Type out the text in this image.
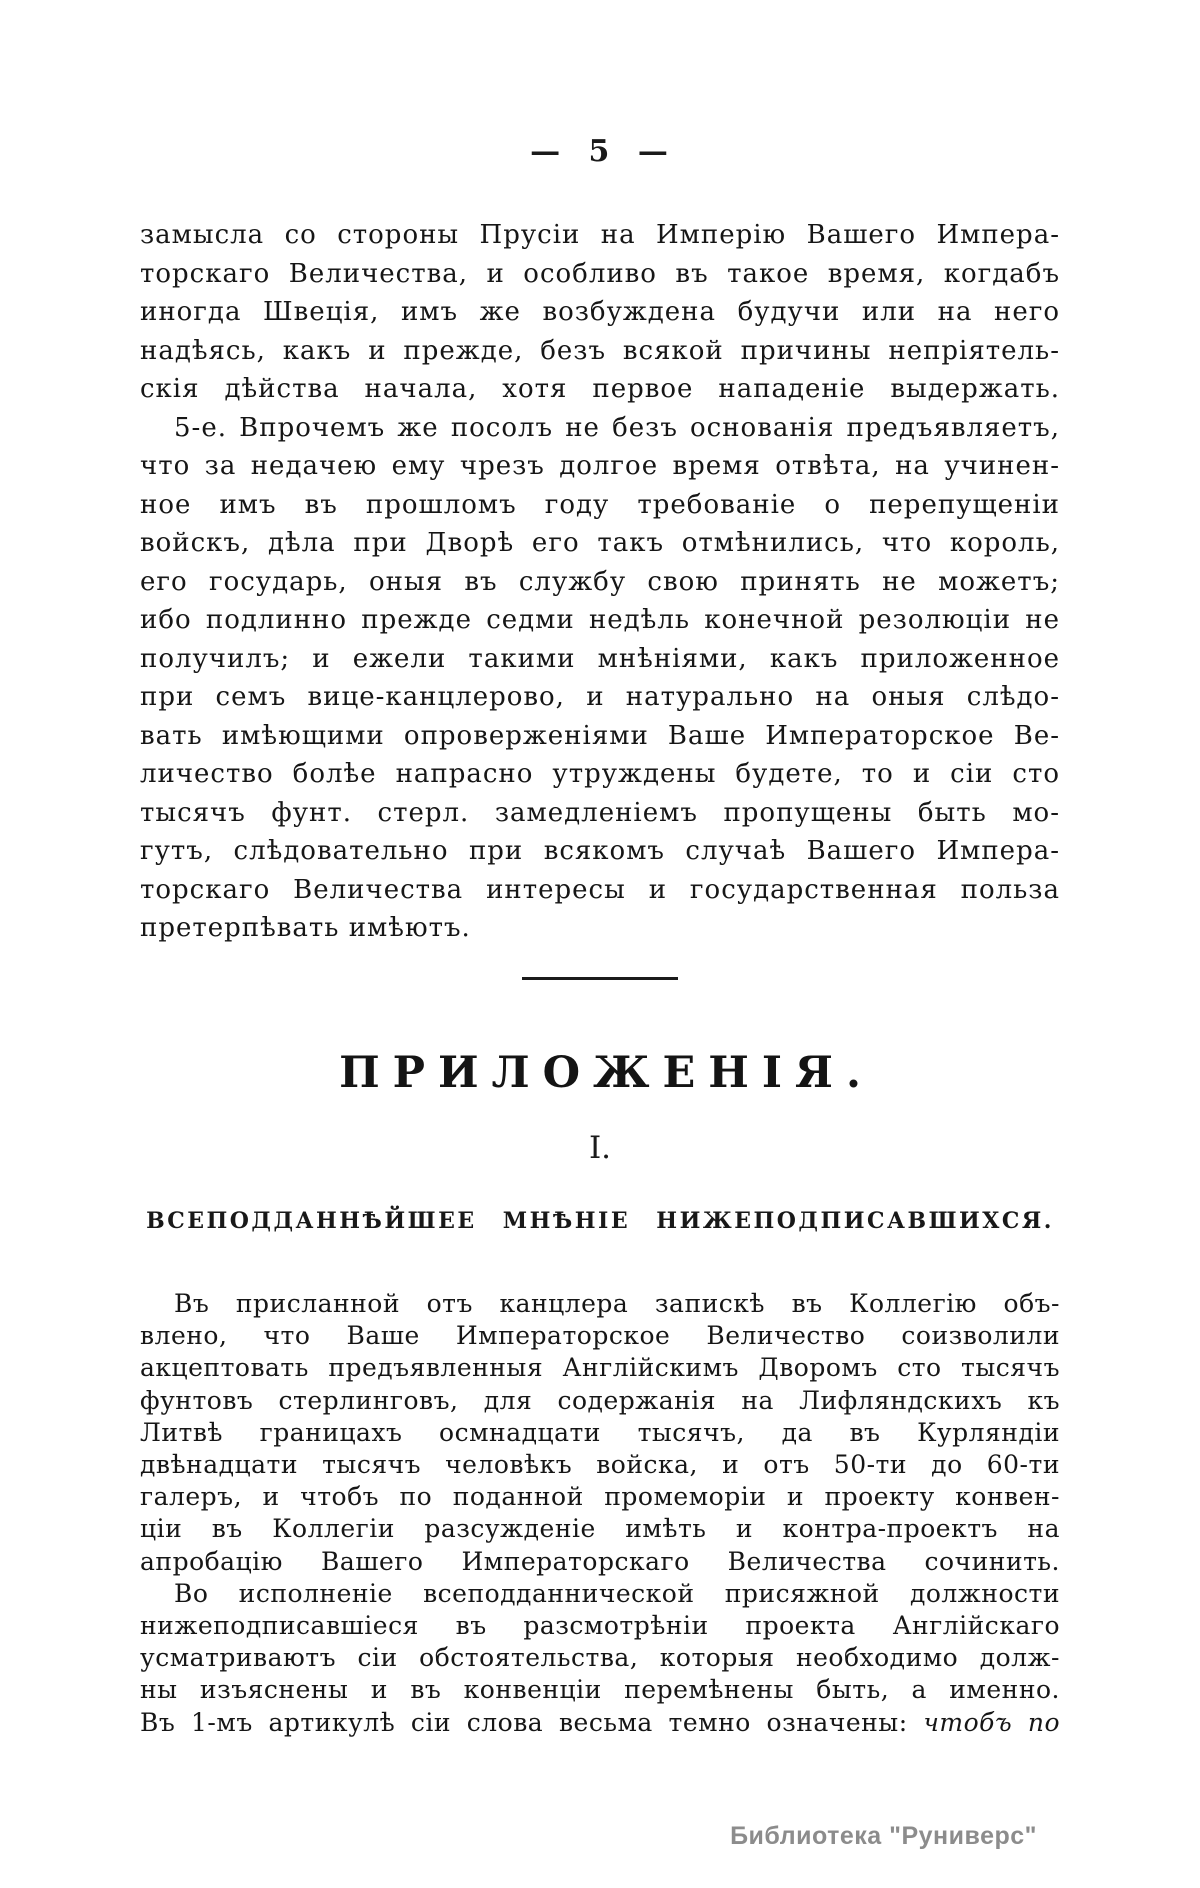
— 5 —
замысла со стороны Прусіи на Имперію Вашего Импера-
торскаго Величества, и особливо въ такое время, когдабъ
иногда Швеція, имъ же возбуждена будучи или на него
надѣясь, какъ и прежде, безъ всякой причины непріятель-
скія дѣйства начала, хотя первое нападеніе выдержать.
5-е. Впрочемъ же посолъ не безъ основанія предъявляетъ,
что за недачею ему чрезъ долгое время отвѣта, на учинен-
ное имъ въ прошломъ году требованіе о перепущеніи
войскъ, дѣла при Дворѣ его такъ отмѣнились, что король,
его государь, оныя въ службу свою принять не можетъ;
ибо подлинно прежде седми недѣль конечной резолюціи не
получилъ; и ежели такими мнѣніями, какъ приложенное
при семъ вице-канцлерово, и натурально на оныя слѣдо-
вать имѣющими опроверженіями Ваше Императорское Ве-
личество болѣе напрасно утруждены будете, то и сіи сто
тысячъ фунт. стерл. замедленіемъ пропущены быть мо-
гутъ, слѣдовательно при всякомъ случаѣ Вашего Импера-
торскаго Величества интересы и государственная польза
претерпѣвать имѣютъ.
ПРИЛОЖЕНІЯ.
I.
ВСЕПОДДАННѢЙШЕЕ МНѢНІЕ НИЖЕПОДПИСАВШИХСЯ.
Въ присланной отъ канцлера запискѣ въ Коллегію объ-
влено, что Ваше Императорское Величество соизволили
акцептовать предъявленныя Англійскимъ Дворомъ сто тысячъ
фунтовъ стерлинговъ, для содержанія на Лифляндскихъ къ
Литвѣ границахъ осмнадцати тысячъ, да въ Курляндіи
двѣнадцати тысячъ человѣкъ войска, и отъ 50-ти до 60-ти
галеръ, и чтобъ по поданной промеморіи и проекту конвен-
ціи въ Коллегіи разсужденіе имѣть и контра-проектъ на
апробацію Вашего Императорскаго Величества сочинить.
Во исполненіе всеподданнической присяжной должности
нижеподписавшіеся въ разсмотрѣніи проекта Англійскаго
усматриваютъ сіи обстоятельства, которыя необходимо долж-
ны изъяснены и въ конвенціи перемѣнены быть, а именно.
Въ 1-мъ артикулѣ сіи слова весьма темно означены: чтобъ по
Библиотека "Руниверс"
